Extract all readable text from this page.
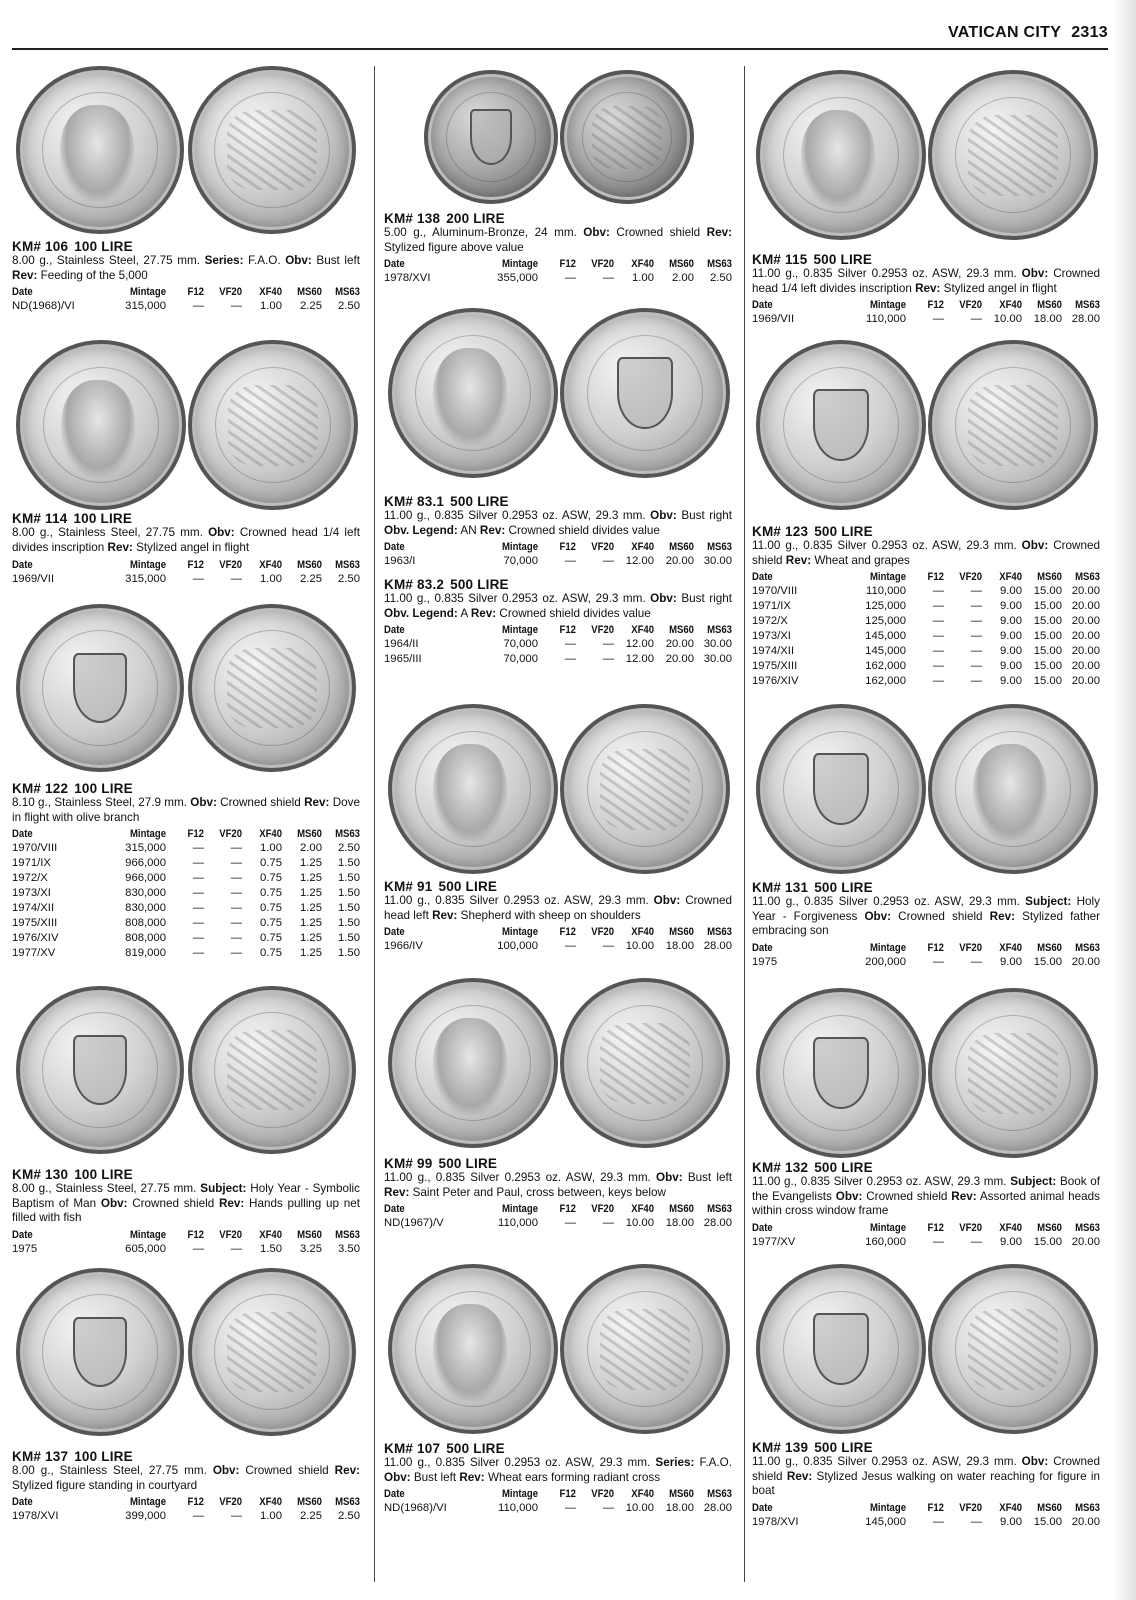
VATICAN CITY 2313
KM# 106 100 LIRE
8.00 g., Stainless Steel, 27.75 mm. Series: F.A.O. Obv: Bust left Rev: Feeding of the 5,000
Date	Mintage	F12	VF20	XF40	MS60	MS63
ND(1968)/VI	315,000	—	—	1.00	2.25	2.50
KM# 114 100 LIRE
8.00 g., Stainless Steel, 27.75 mm. Obv: Crowned head 1/4 left divides inscription Rev: Stylized angel in flight
Date	Mintage	F12	VF20	XF40	MS60	MS63
1969/VII	315,000	—	—	1.00	2.25	2.50
KM# 122 100 LIRE
8.10 g., Stainless Steel, 27.9 mm. Obv: Crowned shield Rev: Dove in flight with olive branch
Date	Mintage	F12	VF20	XF40	MS60	MS63
1970/VIII	315,000	—	—	1.00	2.00	2.50
1971/IX	966,000	—	—	0.75	1.25	1.50
1972/X	966,000	—	—	0.75	1.25	1.50
1973/XI	830,000	—	—	0.75	1.25	1.50
1974/XII	830,000	—	—	0.75	1.25	1.50
1975/XIII	808,000	—	—	0.75	1.25	1.50
1976/XIV	808,000	—	—	0.75	1.25	1.50
1977/XV	819,000	—	—	0.75	1.25	1.50
KM# 130 100 LIRE
8.00 g., Stainless Steel, 27.75 mm. Subject: Holy Year - Symbolic Baptism of Man Obv: Crowned shield Rev: Hands pulling up net filled with fish
Date	Mintage	F12	VF20	XF40	MS60	MS63
1975	605,000	—	—	1.50	3.25	3.50
KM# 137 100 LIRE
8.00 g., Stainless Steel, 27.75 mm. Obv: Crowned shield Rev: Stylized figure standing in courtyard
Date	Mintage	F12	VF20	XF40	MS60	MS63
1978/XVI	399,000	—	—	1.00	2.25	2.50
KM# 138 200 LIRE
5.00 g., Aluminum-Bronze, 24 mm. Obv: Crowned shield Rev: Stylized figure above value
Date	Mintage	F12	VF20	XF40	MS60	MS63
1978/XVI	355,000	—	—	1.00	2.00	2.50
KM# 83.1 500 LIRE
11.00 g., 0.835 Silver 0.2953 oz. ASW, 29.3 mm. Obv: Bust right Obv. Legend: AN Rev: Crowned shield divides value
Date	Mintage	F12	VF20	XF40	MS60	MS63
1963/I	70,000	—	—	12.00	20.00	30.00
KM# 83.2 500 LIRE
11.00 g., 0.835 Silver 0.2953 oz. ASW, 29.3 mm. Obv: Bust right Obv. Legend: A Rev: Crowned shield divides value
Date	Mintage	F12	VF20	XF40	MS60	MS63
1964/II	70,000	—	—	12.00	20.00	30.00
1965/III	70,000	—	—	12.00	20.00	30.00
KM# 91 500 LIRE
11.00 g., 0.835 Silver 0.2953 oz. ASW, 29.3 mm. Obv: Crowned head left Rev: Shepherd with sheep on shoulders
Date	Mintage	F12	VF20	XF40	MS60	MS63
1966/IV	100,000	—	—	10.00	18.00	28.00
KM# 99 500 LIRE
11.00 g., 0.835 Silver 0.2953 oz. ASW, 29.3 mm. Obv: Bust left Rev: Saint Peter and Paul, cross between, keys below
Date	Mintage	F12	VF20	XF40	MS60	MS63
ND(1967)/V	110,000	—	—	10.00	18.00	28.00
KM# 107 500 LIRE
11.00 g., 0.835 Silver 0.2953 oz. ASW, 29.3 mm. Series: F.A.O. Obv: Bust left Rev: Wheat ears forming radiant cross
Date	Mintage	F12	VF20	XF40	MS60	MS63
ND(1968)/VI	110,000	—	—	10.00	18.00	28.00
KM# 115 500 LIRE
11.00 g., 0.835 Silver 0.2953 oz. ASW, 29.3 mm. Obv: Crowned head 1/4 left divides inscription Rev: Stylized angel in flight
Date	Mintage	F12	VF20	XF40	MS60	MS63
1969/VII	110,000	—	—	10.00	18.00	28.00
KM# 123 500 LIRE
11.00 g., 0.835 Silver 0.2953 oz. ASW, 29.3 mm. Obv: Crowned shield Rev: Wheat and grapes
Date	Mintage	F12	VF20	XF40	MS60	MS63
1970/VIII	110,000	—	—	9.00	15.00	20.00
1971/IX	125,000	—	—	9.00	15.00	20.00
1972/X	125,000	—	—	9.00	15.00	20.00
1973/XI	145,000	—	—	9.00	15.00	20.00
1974/XII	145,000	—	—	9.00	15.00	20.00
1975/XIII	162,000	—	—	9.00	15.00	20.00
1976/XIV	162,000	—	—	9.00	15.00	20.00
KM# 131 500 LIRE
11.00 g., 0.835 Silver 0.2953 oz. ASW, 29.3 mm. Subject: Holy Year - Forgiveness Obv: Crowned shield Rev: Stylized father embracing son
Date	Mintage	F12	VF20	XF40	MS60	MS63
1975	200,000	—	—	9.00	15.00	20.00
KM# 132 500 LIRE
11.00 g., 0.835 Silver 0.2953 oz. ASW, 29.3 mm. Subject: Book of the Evangelists Obv: Crowned shield Rev: Assorted animal heads within cross window frame
Date	Mintage	F12	VF20	XF40	MS60	MS63
1977/XV	160,000	—	—	9.00	15.00	20.00
KM# 139 500 LIRE
11.00 g., 0.835 Silver 0.2953 oz. ASW, 29.3 mm. Obv: Crowned shield Rev: Stylized Jesus walking on water reaching for figure in boat
Date	Mintage	F12	VF20	XF40	MS60	MS63
1978/XVI	145,000	—	—	9.00	15.00	20.00
